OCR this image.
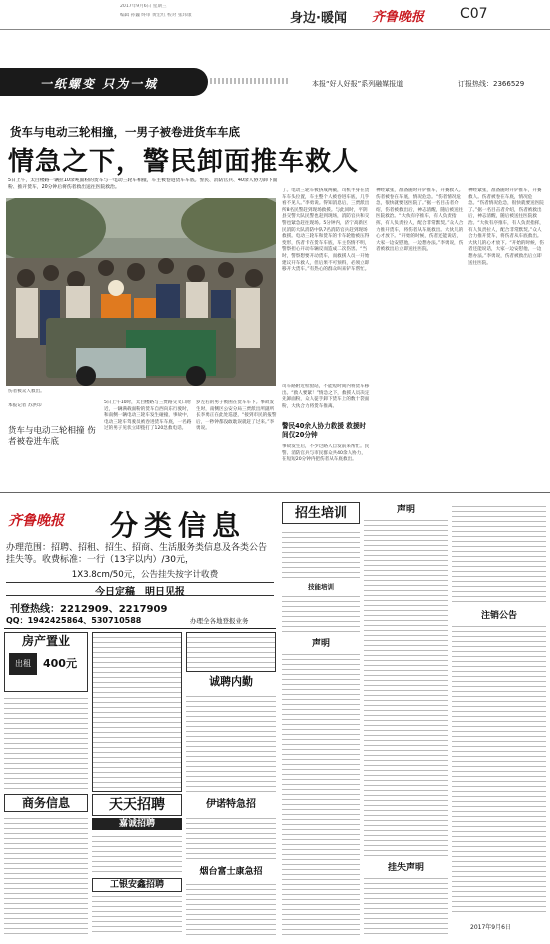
2017年9月6日 星期三
编辑 孙巍 终审 黄宏红 校对 张玮康	身边·暖闻 齐鲁晚报	C07
一纸螺变 只为一城	本报“好人好报”系列融媒报道	订报热线：2366529
货车与电动三轮相撞，一男子被卷进货车车底
情急之下，警民卸面推车救人
5日上午，太白楼路一辆拉10余吨面粉的货车与一电动三轮车相撞，车主被卷进货车车底。警民、消防官兵、40余人协力卸下面粉、推开货车，20分钟后将伤者救出送往医院救治。
伤者被众人救出。
本报记者 苏洪印
货车与电动三轮相撞 伤者被卷进车底
5日上午10时，太白楼路与三贾路交叉口附近，一辆满载面粉的货车自西向东行驶时，和南侧一辆电动三轮车发生碰撞，事故中，电动三轮车驾驶员被卷进货车车底，一名路过的男子见状立即拨打了120急救电话。
岁左右的男子被困在货车车下。事故发生时，南侧区公安分局三贾派出所副所长李勇正在此处巡逻，“接到市民的报警后，一秒钟都没敢耽误就赶了过来。”李勇说。
了。电动三轮车被挤成两截，司机半身在货车车头位置，车主整个人被卷进车底，几乎看不见人。”李勇说。得知消息后，三贾派出所8名民警赶到现场救援。与此同时，平阴县交警大队民警也赶到现场，消防官兵和交警也紧急赶往现场。5分钟内，济宁高新区民消防大队消防中队7名消防官兵赶到现场救援。电动三轮车和货车的卡车轮胎被压得变形，伤者卡在货车车底，车主伤情不明，警察担心开动车辆反而造成二次伤害。“当时，警察想要开动货车，而救援人员一开始建议开车救人，但后果不可预料，必须立即移开大货车。”有热心的群众叫来铲车帮忙。
司车路附近检验站，不能短时间内将货车移出。“救人要紧！”情急之下，救援人员决定先卸面粉，众人徒手卸下货车上的数十袋面粉，大伙合力将货车推离。
警民40余人协力救援 救援时间仅20分钟
事故发生后，不少过路人自发前来帮忙。民警、消防官兵与市民群众共40余人协力，在短短20分钟内把伤者从车底救出。
神经紧张，准备随时开铲推车，开赛救人。伤者被卷在车底，情况危急。“伤者情况危急，很快就要送医院了。”据一名目击者介绍，伤者被救出后，神志清醒，随后被送往医院救治。“大伙有序推车，有人负责指挥，有人负责拉人，配合非常默契。”众人合力推开货车，将伤者从车底救出。大伙儿的心才放下。“开始的时候，伤者还能说话，大家一边安慰他，一边想办法。”李勇说，伤者被救出后立即送往医院。
神经紧张，准备随时开铲推车，开赛救人。伤者被卷在车底，情况危急。“伤者情况危急，很快就要送医院了。”据一名目击者介绍，伤者被救出后，神志清醒，随后被送往医院救治。“大伙有序推车，有人负责指挥，有人负责拉人，配合非常默契。”众人合力推开货车，将伤者从车底救出。大伙儿的心才放下。“开始的时候，伤者还能说话，大家一边安慰他，一边想办法。”李勇说，伤者被救出后立即送往医院。
齐鲁晚报 分类信息
办理范围：招聘、招租、招生、招商、生活服务类信息及各类公告挂失等。收费标准：一行（13字以内）/30元，
1X3.8cm/50元，公告挂失按字计收费
今日定稿　明日见报
刊登热线：2212909、2217909
QQ：1942425864、530710588	办理全各地登报业务
房产置业
出租	400元
商务信息	天天招聘
嘉诚招聘
工银安鑫招聘
诚聘内勤
伊诺特急招
烟台富士康急招
招生培训
技能培训
声明
声明
挂失声明
注销公告
2017年9月6日
